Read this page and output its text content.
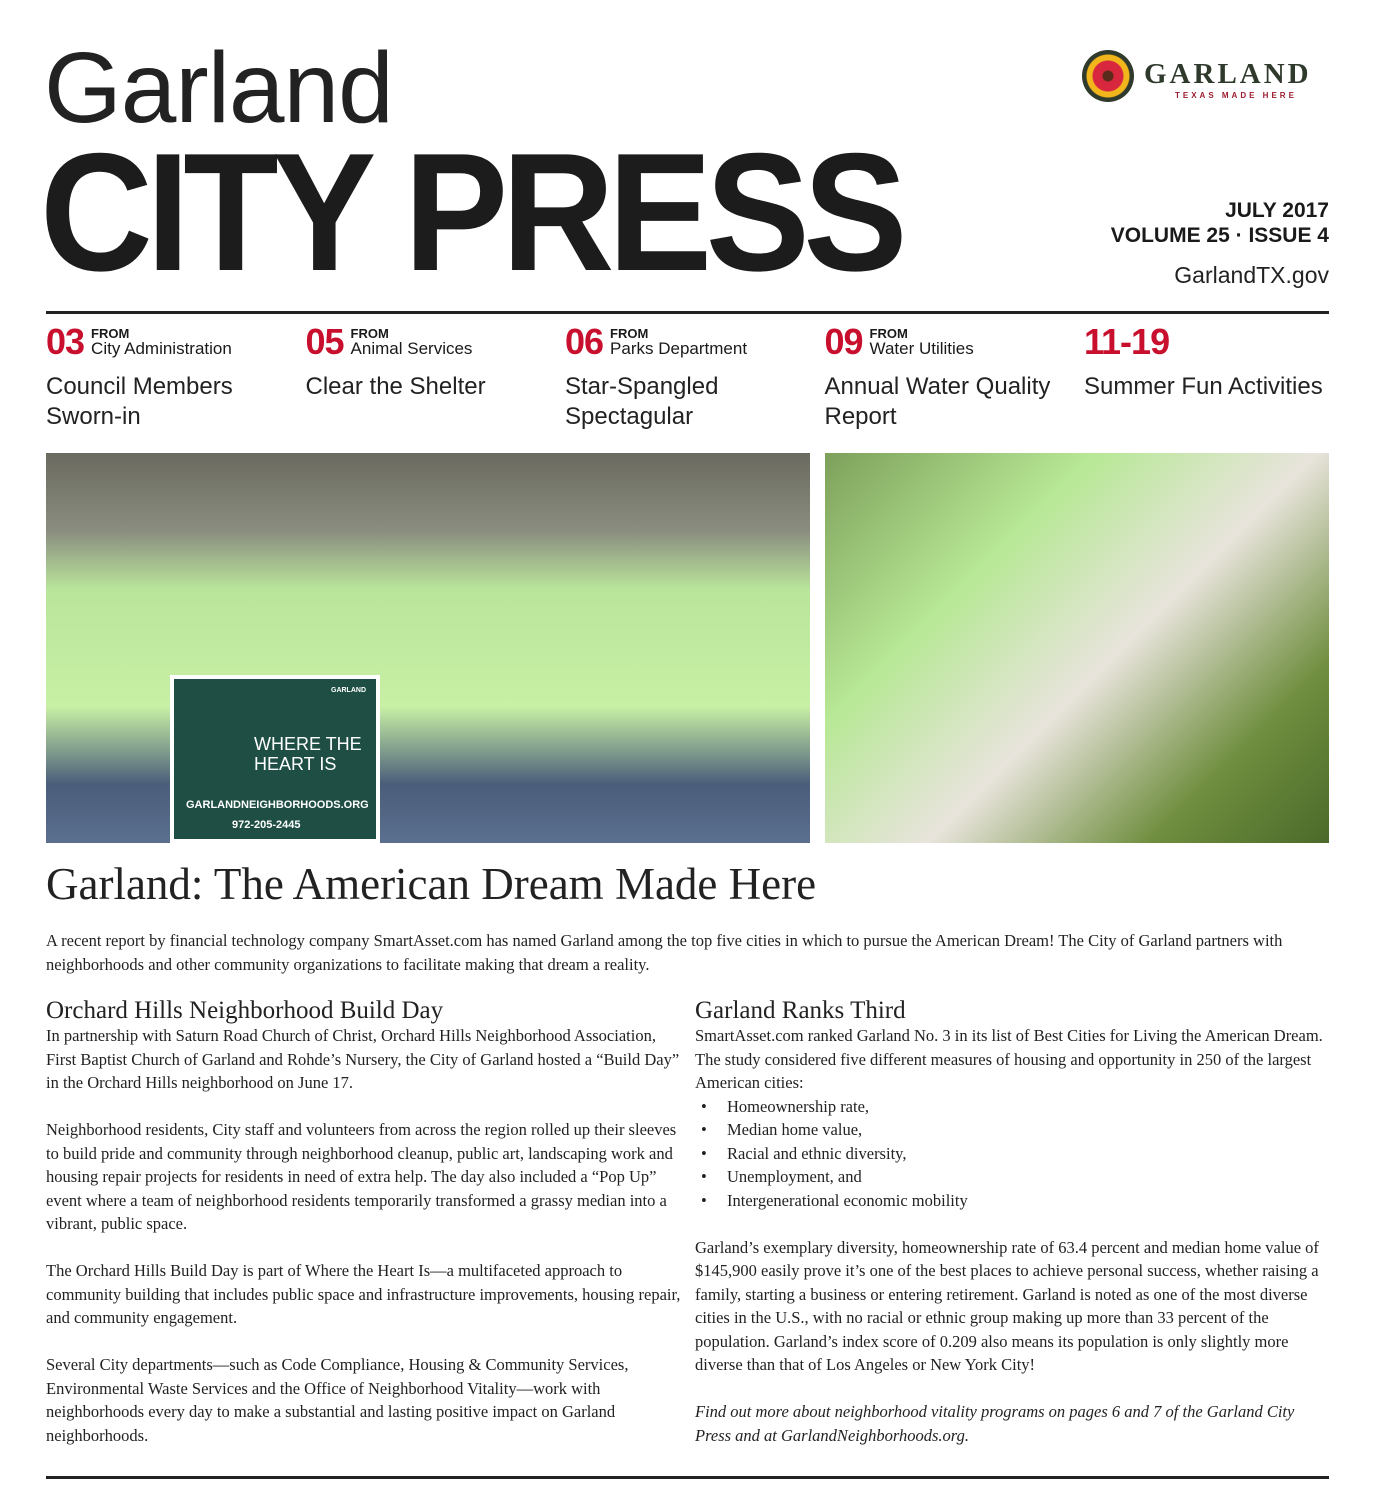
Garland
CITY PRESS
GARLAND
TEXAS MADE HERE
JULY 2017
VOLUME 25 · ISSUE 4
GarlandTX.gov
03 FROM
City Administration
Council Members Sworn-in
05 FROM
Animal Services
Clear the Shelter
06 FROM
Parks Department
Star-Spangled Spectagular
09 FROM
Water Utilities
Annual Water Quality Report
11-19
Summer Fun Activities
GARLAND
WHERE THE
HEART IS
GARLANDNEIGHBORHOODS.ORG
972-205-2445
Garland: The American Dream Made Here
A recent report by financial technology company SmartAsset.com has named Garland among the top five cities in which to pursue the American Dream! The City of Garland partners with neighborhoods and other community organizations to facilitate making that dream a reality.
Orchard Hills Neighborhood Build Day

In partnership with Saturn Road Church of Christ, Orchard Hills Neighborhood Association, First Baptist Church of Garland and Rohde’s Nursery, the City of Garland hosted a “Build Day” in the Orchard Hills neighborhood on June 17.

Neighborhood residents, City staff and volunteers from across the region rolled up their sleeves to build pride and community through neighborhood cleanup, public art, landscaping work and housing repair projects for residents in need of extra help. The day also included a “Pop Up” event where a team of neighborhood residents temporarily transformed a grassy median into a vibrant, public space.

The Orchard Hills Build Day is part of Where the Heart Is—a multifaceted approach to community building that includes public space and infrastructure improvements, housing repair, and community engagement.

Several City departments—such as Code Compliance, Housing & Community Services, Environmental Waste Services and the Office of Neighborhood Vitality—work with neighborhoods every day to make a substantial and lasting positive impact on Garland neighborhoods.

Garland Ranks Third

SmartAsset.com ranked Garland No. 3 in its list of Best Cities for Living the American Dream. The study considered five different measures of housing and opportunity in 250 of the largest American cities:

• Homeownership rate,
• Median home value,
• Racial and ethnic diversity,
• Unemployment, and
• Intergenerational economic mobility

Garland’s exemplary diversity, homeownership rate of 63.4 percent and median home value of $145,900 easily prove it’s one of the best places to achieve personal success, whether raising a family, starting a business or entering retirement. Garland is noted as one of the most diverse cities in the U.S., with no racial or ethnic group making up more than 33 percent of the population. Garland’s index score of 0.209 also means its population is only slightly more diverse than that of Los Angeles or New York City!

Find out more about neighborhood vitality programs on pages 6 and 7 of the Garland City Press and at GarlandNeighborhoods.org.
